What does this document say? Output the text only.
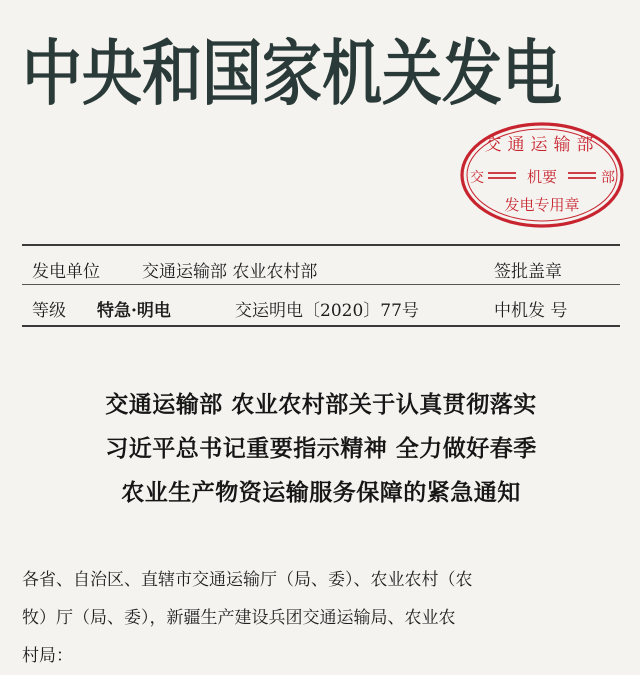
中央和国家机关发电
交通运输部
交	机要	部
发电专用章
发电单位 交通运输部 农业农村部	签批盖章
等级 特急·明电	交运明电〔2020〕77号	中机发 号
交通运输部 农业农村部关于认真贯彻落实
习近平总书记重要指示精神 全力做好春季
农业生产物资运输服务保障的紧急通知
各省、自治区、直辖市交通运输厅（局、委）、农业农村（农
牧）厅（局、委），新疆生产建设兵团交通运输局、农业农
村局：
